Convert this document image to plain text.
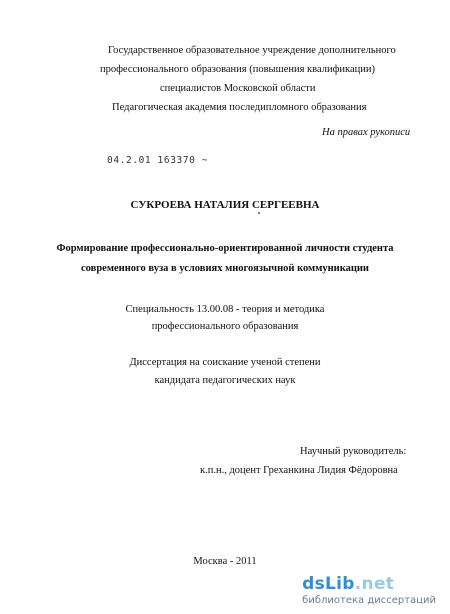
Государственное образовательное учреждение дополнительного
профессионального образования (повышения квалификации)
специалистов Московской области
Педагогическая академия последипломного образования
На правах рукописи
04.2.01 163370 ~
СУКРОЕВА НАТАЛИЯ СЕРГЕЕВНА
Формирование профессионально-ориентированной личности студента
современного вуза в условиях многоязычной коммуникации
Специальность 13.00.08 - теория и методика
профессионального образования
Диссертация на соискание ученой степени
кандидата педагогических наук
Научный руководитель:
к.п.н., доцент Греханкина Лидия Фёдоровна
Москва - 2011
dsLib.net
библиотека диссертаций
